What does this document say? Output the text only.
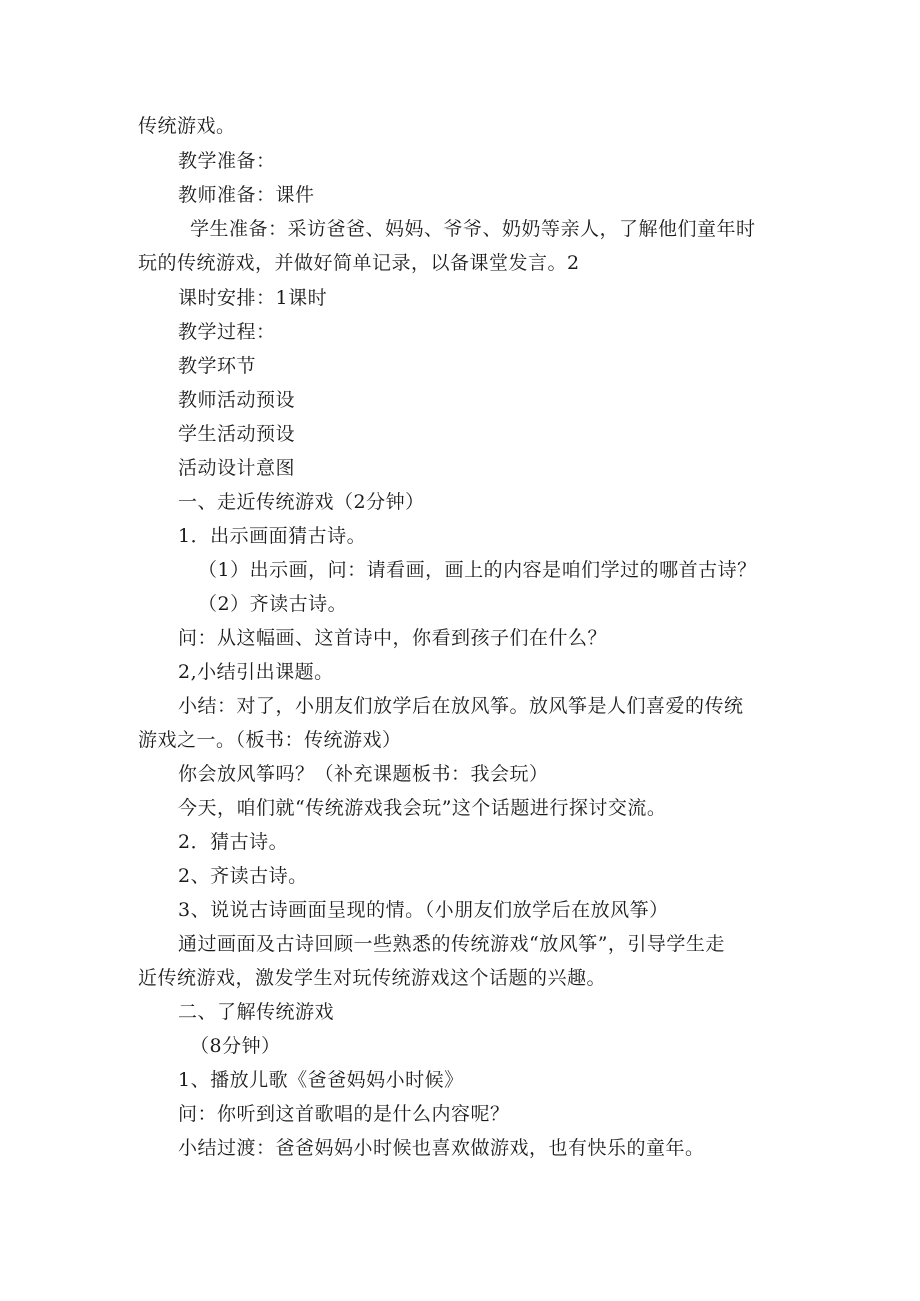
传统游戏。
教学准备：
教师准备：课件
学生准备：采访爸爸、妈妈、爷爷、奶奶等亲人，了解他们童年时
玩的传统游戏，并做好简单记录，以备课堂发言。2
课时安排：1课时
教学过程：
教学环节
教师活动预设
学生活动预设
活动设计意图
一、走近传统游戏（2分钟）
1．出示画面猜古诗。
（1）出示画，问：请看画，画上的内容是咱们学过的哪首古诗？
（2）齐读古诗。
问：从这幅画、这首诗中，你看到孩子们在什么？
2,小结引出课题。
小结：对了，小朋友们放学后在放风筝。放风筝是人们喜爱的传统
游戏之一。（板书：传统游戏）
你会放风筝吗？（补充课题板书：我会玩）
今天，咱们就“传统游戏我会玩”这个话题进行探讨交流。
2．猜古诗。
2、齐读古诗。
3、说说古诗画面呈现的情。（小朋友们放学后在放风筝）
通过画面及古诗回顾一些熟悉的传统游戏“放风筝”，引导学生走
近传统游戏，激发学生对玩传统游戏这个话题的兴趣。
二、了解传统游戏
（8分钟）
1、播放儿歌《爸爸妈妈小时候》
问：你听到这首歌唱的是什么内容呢？
小结过渡：爸爸妈妈小时候也喜欢做游戏，也有快乐的童年。
